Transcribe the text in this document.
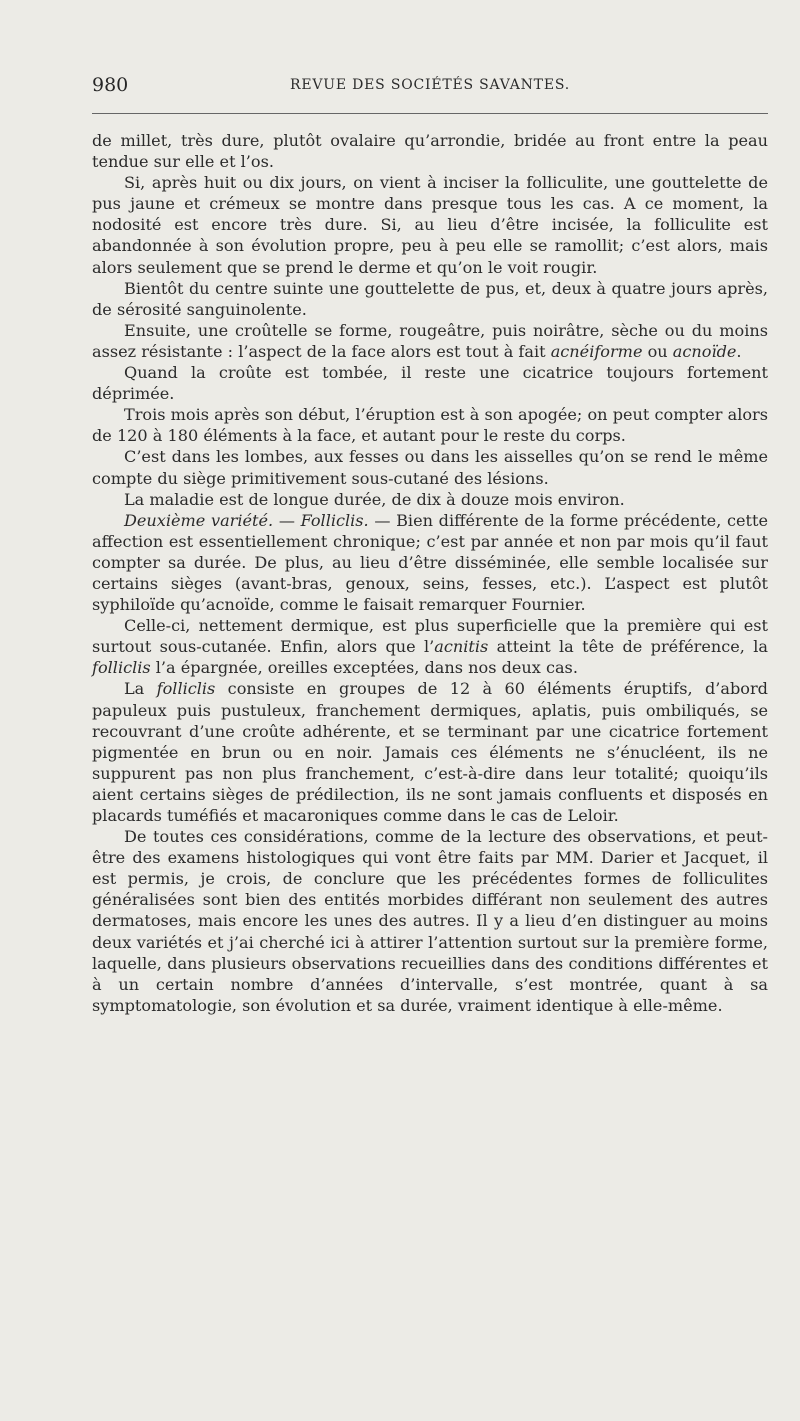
980	REVUE DES SOCIÉTÉS SAVANTES.

de millet, très dure, plutôt ovalaire qu’arrondie, bridée au front entre la peau tendue sur elle et l’os.

Si, après huit ou dix jours, on vient à inciser la folliculite, une gouttelette de pus jaune et crémeux se montre dans presque tous les cas. A ce moment, la nodosité est encore très dure. Si, au lieu d’être incisée, la folliculite est abandonnée à son évolution propre, peu à peu elle se ramollit; c’est alors, mais alors seulement que se prend le derme et qu’on le voit rougir.

Bientôt du centre suinte une gouttelette de pus, et, deux à quatre jours après, de sérosité sanguinolente.

Ensuite, une croûtelle se forme, rougeâtre, puis noirâtre, sèche ou du moins assez résistante : l’aspect de la face alors est tout à fait acnéiforme ou acnoïde.

Quand la croûte est tombée, il reste une cicatrice toujours fortement déprimée.

Trois mois après son début, l’éruption est à son apogée; on peut compter alors de 120 à 180 éléments à la face, et autant pour le reste du corps.

C’est dans les lombes, aux fesses ou dans les aisselles qu’on se rend le même compte du siège primitivement sous-cutané des lésions.

La maladie est de longue durée, de dix à douze mois environ.

Deuxième variété. — Folliclis. — Bien différente de la forme précédente, cette affection est essentiellement chronique; c’est par année et non par mois qu’il faut compter sa durée. De plus, au lieu d’être disséminée, elle semble localisée sur certains sièges (avant-bras, genoux, seins, fesses, etc.). L’aspect est plutôt syphiloïde qu’acnoïde, comme le faisait remarquer Fournier.

Celle-ci, nettement dermique, est plus superficielle que la première qui est surtout sous-cutanée. Enfin, alors que l’acnitis atteint la tête de préférence, la folliclis l’a épargnée, oreilles exceptées, dans nos deux cas.

La folliclis consiste en groupes de 12 à 60 éléments éruptifs, d’abord papuleux puis pustuleux, franchement dermiques, aplatis, puis ombiliqués, se recouvrant d’une croûte adhérente, et se terminant par une cicatrice fortement pigmentée en brun ou en noir. Jamais ces éléments ne s’énucléent, ils ne suppurent pas non plus franchement, c’est-à-dire dans leur totalité; quoiqu’ils aient certains sièges de prédilection, ils ne sont jamais confluents et disposés en placards tuméfiés et macaroniques comme dans le cas de Leloir.

De toutes ces considérations, comme de la lecture des observations, et peut-être des examens histologiques qui vont être faits par MM. Darier et Jacquet, il est permis, je crois, de conclure que les précédentes formes de folliculites généralisées sont bien des entités morbides différant non seulement des autres dermatoses, mais encore les unes des autres. Il y a lieu d’en distinguer au moins deux variétés et j’ai cherché ici à attirer l’attention surtout sur la première forme, laquelle, dans plusieurs observations recueillies dans des conditions différentes et à un certain nombre d’années d’intervalle, s’est montrée, quant à sa symptomatologie, son évolution et sa durée, vraiment identique à elle-même.
